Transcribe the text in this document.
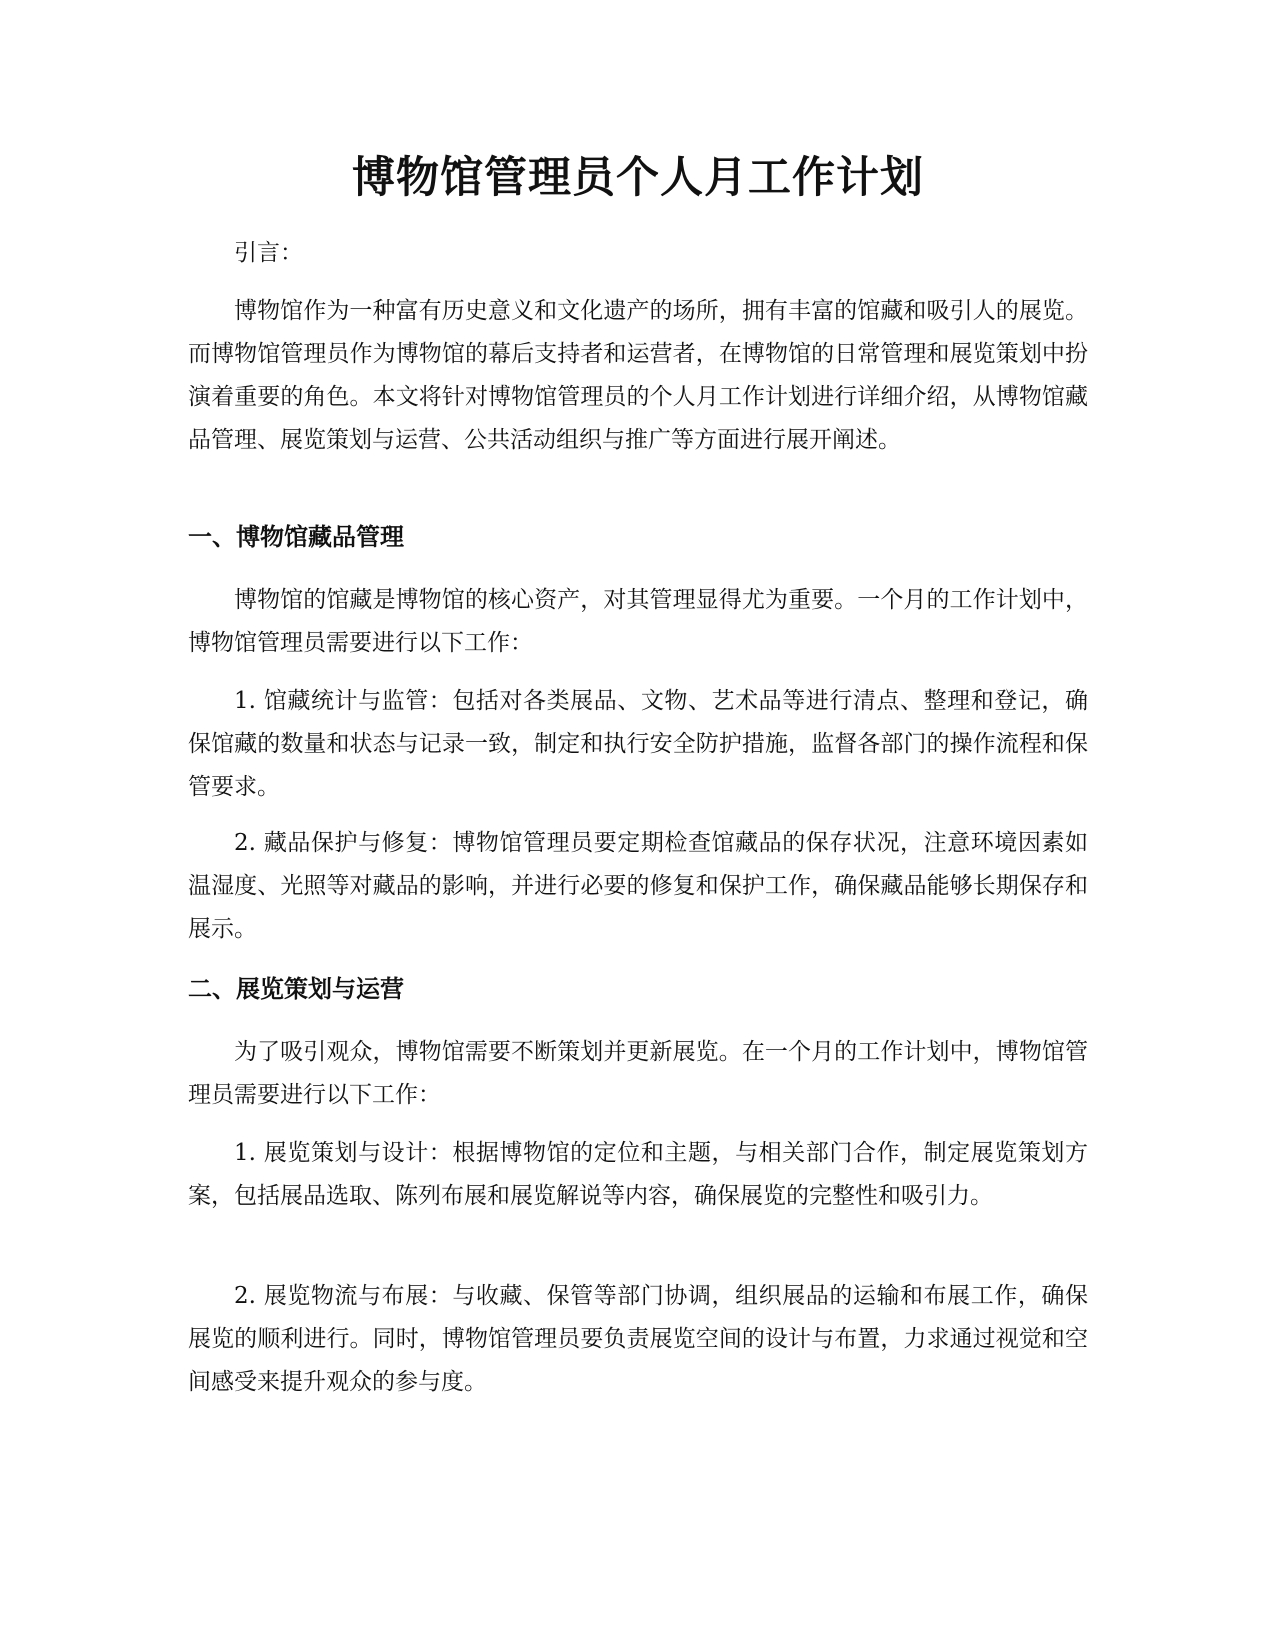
博物馆管理员个人月工作计划

引言：

博物馆作为一种富有历史意义和文化遗产的场所，拥有丰富的馆藏和吸引人的展览。而博物馆管理员作为博物馆的幕后支持者和运营者，在博物馆的日常管理和展览策划中扮演着重要的角色。本文将针对博物馆管理员的个人月工作计划进行详细介绍，从博物馆藏品管理、展览策划与运营、公共活动组织与推广等方面进行展开阐述。

一、博物馆藏品管理

博物馆的馆藏是博物馆的核心资产，对其管理显得尤为重要。一个月的工作计划中，博物馆管理员需要进行以下工作：

1. 馆藏统计与监管：包括对各类展品、文物、艺术品等进行清点、整理和登记，确保馆藏的数量和状态与记录一致，制定和执行安全防护措施，监督各部门的操作流程和保管要求。

2. 藏品保护与修复：博物馆管理员要定期检查馆藏品的保存状况，注意环境因素如温湿度、光照等对藏品的影响，并进行必要的修复和保护工作，确保藏品能够长期保存和展示。

二、展览策划与运营

为了吸引观众，博物馆需要不断策划并更新展览。在一个月的工作计划中，博物馆管理员需要进行以下工作：

1. 展览策划与设计：根据博物馆的定位和主题，与相关部门合作，制定展览策划方案，包括展品选取、陈列布展和展览解说等内容，确保展览的完整性和吸引力。

2. 展览物流与布展：与收藏、保管等部门协调，组织展品的运输和布展工作，确保展览的顺利进行。同时，博物馆管理员要负责展览空间的设计与布置，力求通过视觉和空间感受来提升观众的参与度。
